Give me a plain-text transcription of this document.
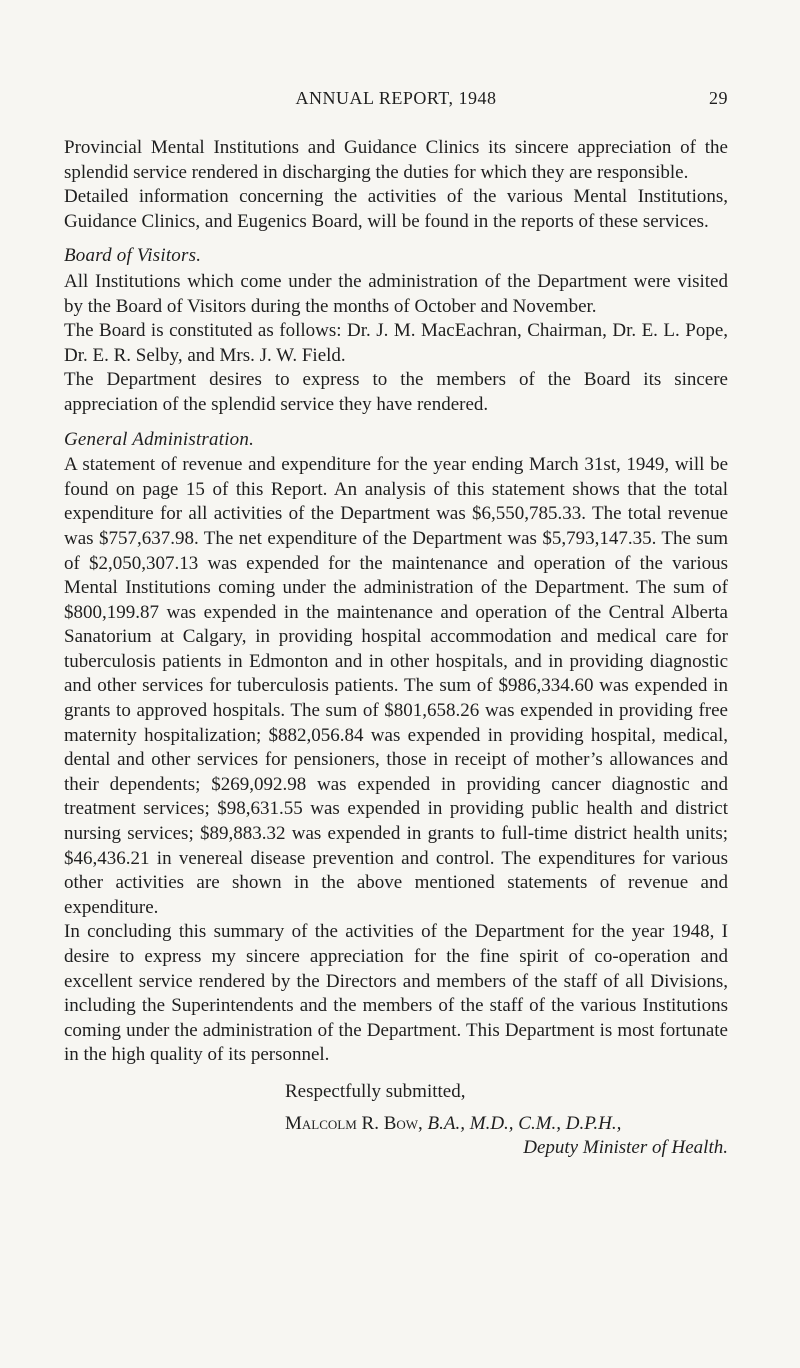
ANNUAL REPORT, 1948	29

Provincial Mental Institutions and Guidance Clinics its sincere appreciation of the splendid service rendered in discharging the duties for which they are responsible.

Detailed information concerning the activities of the various Mental Institutions, Guidance Clinics, and Eugenics Board, will be found in the reports of these services.

Board of Visitors.

All Institutions which come under the administration of the Department were visited by the Board of Visitors during the months of October and November.

The Board is constituted as follows: Dr. J. M. MacEachran, Chairman, Dr. E. L. Pope, Dr. E. R. Selby, and Mrs. J. W. Field.

The Department desires to express to the members of the Board its sincere appreciation of the splendid service they have rendered.

General Administration.

A statement of revenue and expenditure for the year ending March 31st, 1949, will be found on page 15 of this Report. An analysis of this statement shows that the total expenditure for all activities of the Department was $6,550,785.33. The total revenue was $757,637.98. The net expenditure of the Department was $5,793,147.35. The sum of $2,050,307.13 was expended for the maintenance and operation of the various Mental Institutions coming under the administration of the Department. The sum of $800,199.87 was expended in the maintenance and operation of the Central Alberta Sanatorium at Calgary, in providing hospital accommodation and medical care for tuberculosis patients in Edmonton and in other hospitals, and in providing diagnostic and other services for tuberculosis patients. The sum of $986,334.60 was expended in grants to approved hospitals. The sum of $801,658.26 was expended in providing free maternity hospitalization; $882,056.84 was expended in providing hospital, medical, dental and other services for pensioners, those in receipt of mother’s allowances and their dependents; $269,092.98 was expended in providing cancer diagnostic and treatment services; $98,631.55 was expended in providing public health and district nursing services; $89,883.32 was expended in grants to full-time district health units; $46,436.21 in venereal disease prevention and control. The expenditures for various other activities are shown in the above mentioned statements of revenue and expenditure.

In concluding this summary of the activities of the Department for the year 1948, I desire to express my sincere appreciation for the fine spirit of co-operation and excellent service rendered by the Directors and members of the staff of all Divisions, including the Superintendents and the members of the staff of the various Institutions coming under the administration of the Department. This Department is most fortunate in the high quality of its personnel.

Respectfully submitted,

Malcolm R. Bow, B.A., M.D., C.M., D.P.H.,

Deputy Minister of Health.
